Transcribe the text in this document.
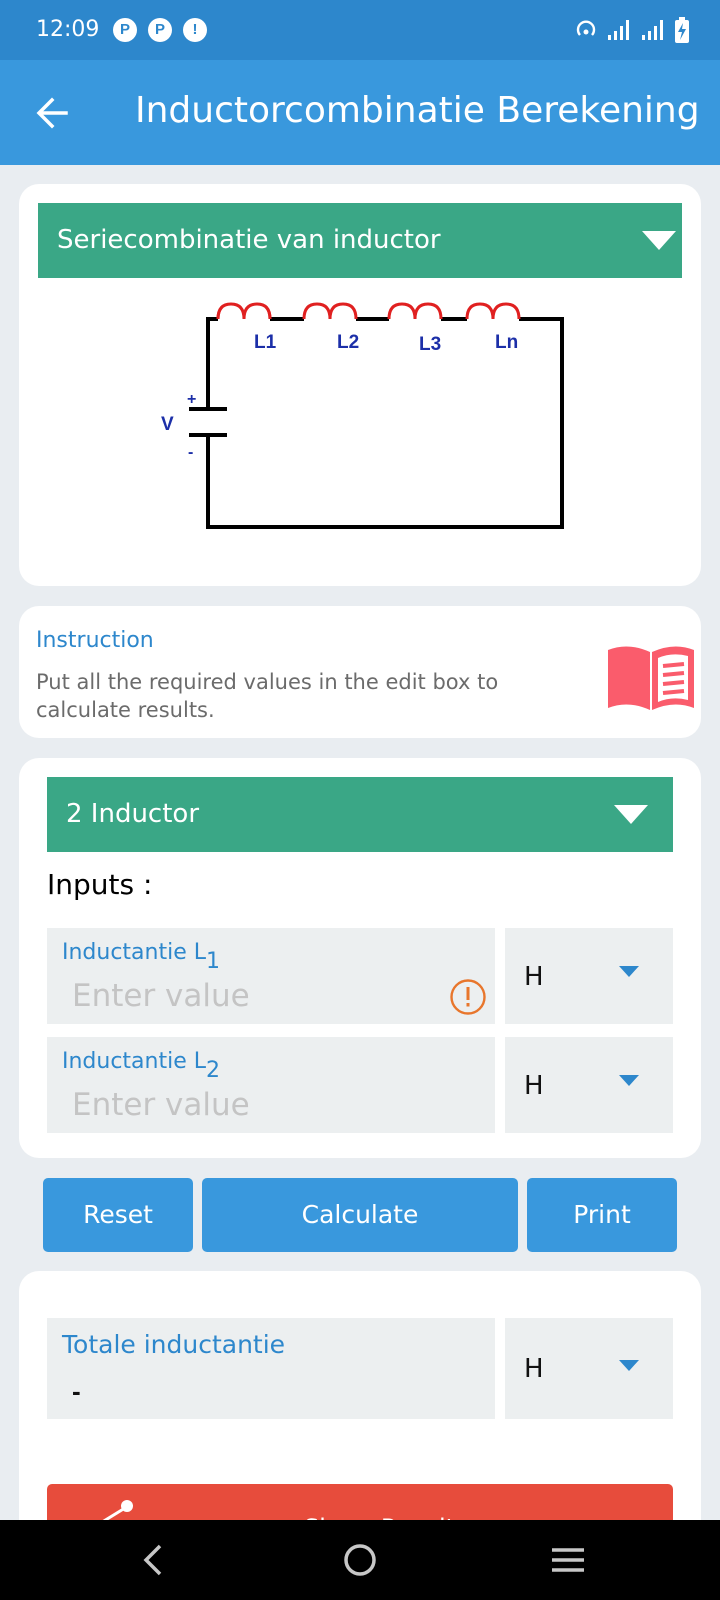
12:09	P	P	!
Inductorcombinatie Berekening
Seriecombinatie van inductor
L1	L2	L3	Ln
V
+
-
Instruction

Put all the required values in the edit box to calculate results.

2 Inductor
Inputs :
Inductantie $L_1$
Enter value
H
Inductantie $L_2$
Enter value
H
Reset	Calculate	Print
Totale inductantie
-
H
